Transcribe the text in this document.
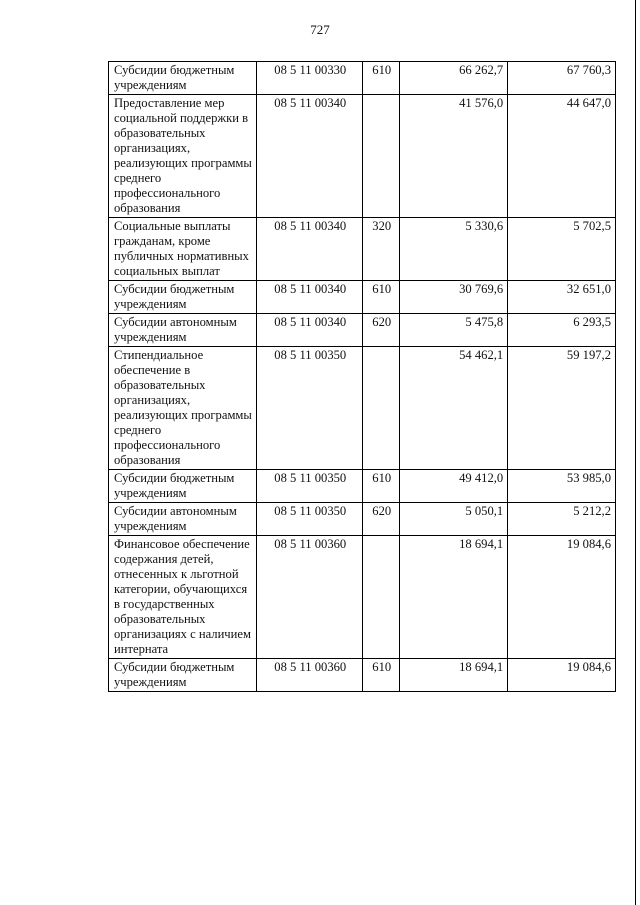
727
Субсидии бюджетным учреждениям	08 5 11 00330	610	66 262,7	67 760,3
Предоставление мер социальной поддержки в образовательных организациях, реализующих программы среднего профессионального образования	08 5 11 00340		41 576,0	44 647,0
Социальные выплаты гражданам, кроме публичных нормативных социальных выплат	08 5 11 00340	320	5 330,6	5 702,5
Субсидии бюджетным учреждениям	08 5 11 00340	610	30 769,6	32 651,0
Субсидии автономным учреждениям	08 5 11 00340	620	5 475,8	6 293,5
Стипендиальное обеспечение в образовательных организациях, реализующих программы среднего профессионального образования	08 5 11 00350		54 462,1	59 197,2
Субсидии бюджетным учреждениям	08 5 11 00350	610	49 412,0	53 985,0
Субсидии автономным учреждениям	08 5 11 00350	620	5 050,1	5 212,2
Финансовое обеспечение содержания детей, отнесенных к льготной категории, обучающихся в государственных образовательных организациях с наличием интерната	08 5 11 00360		18 694,1	19 084,6
Субсидии бюджетным учреждениям	08 5 11 00360	610	18 694,1	19 084,6
